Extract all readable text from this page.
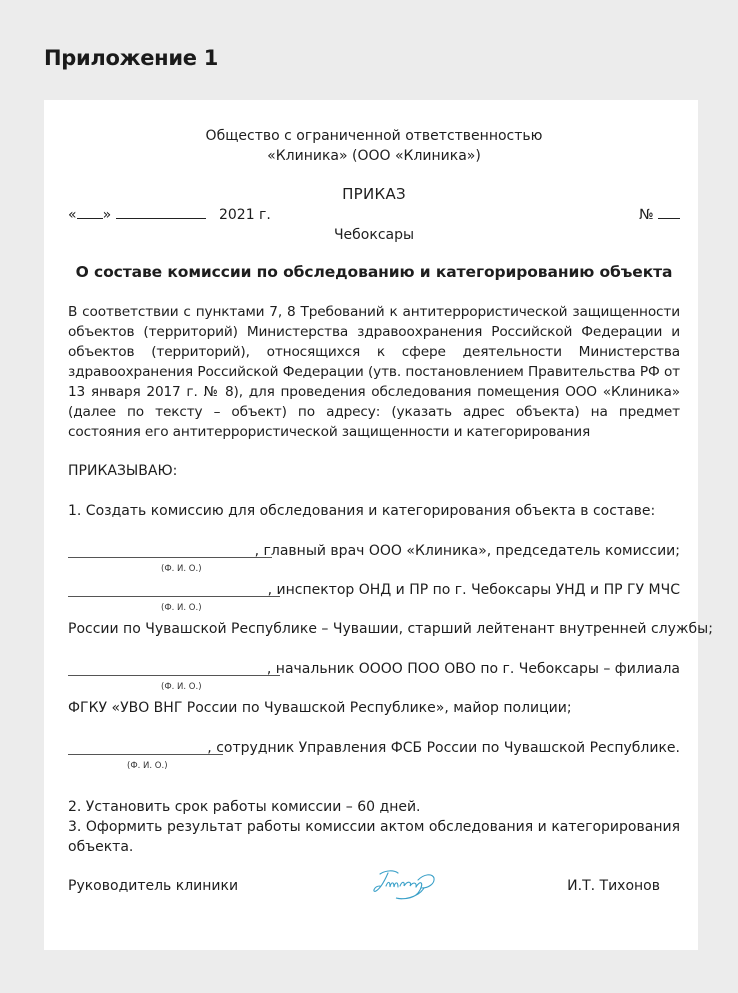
Приложение 1
Общество с ограниченной ответственностью
«Клиника» (ООО «Клиника»)
ПРИКАЗ
« »	2021 г.	№
Чебоксары
О составе комиссии по обследованию и категорированию объекта
В соответствии с пунктами 7, 8 Требований к антитеррористической защищенности объектов (территорий) Министерства здравоохранения Российской Федерации и объектов (территорий), относящихся к сфере деятельности Министерства здравоохранения Российской Федерации (утв. постановлением Правительства РФ от 13 января 2017 г. № 8), для проведения обследования помещения ООО «Клиника» (далее по тексту – объект) по адресу: (указать адрес объекта) на предмет состояния его антитеррористической защищенности и категорирования
ПРИКАЗЫВАЮ:
1. Создать комиссию для обследования и категорирования объекта в составе:
, главный врач ООО «Клиника», председатель комиссии;
(Ф. И. О.)
, инспектор ОНД и ПР по г. Чебоксары УНД и ПР ГУ МЧС
(Ф. И. О.)
России по Чувашской Республике – Чувашии, старший лейтенант внутренней службы;
, начальник ОООО ПОО ОВО по г. Чебоксары – филиала
(Ф. И. О.)
ФГКУ «УВО ВНГ России по Чувашской Республике», майор полиции;
, сотрудник Управления ФСБ России по Чувашской Республике.
(Ф. И. О.)
2. Установить срок работы комиссии – 60 дней.
3. Оформить результат работы комиссии актом обследования и категорирования
объекта.
Руководитель клиники	И.Т. Тихонов
